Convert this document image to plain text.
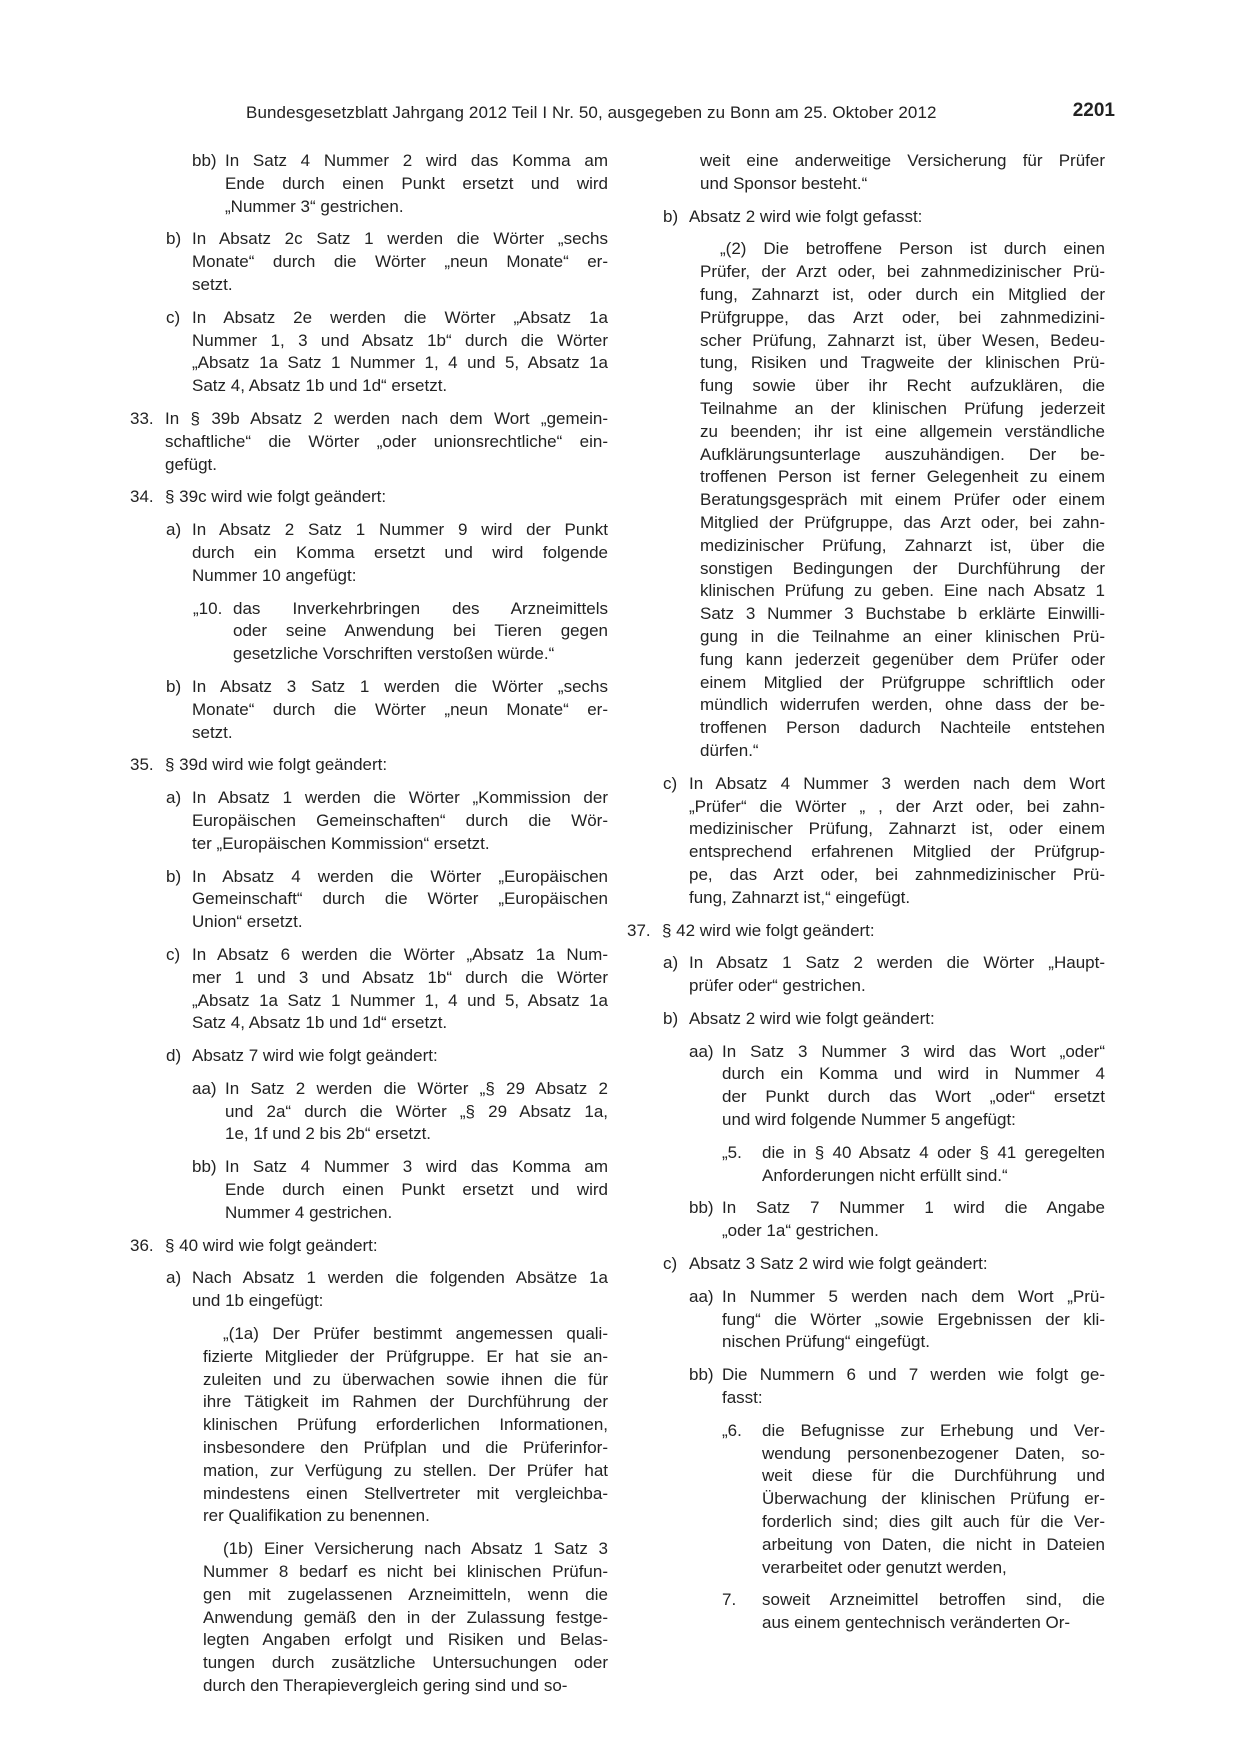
Bundesgesetzblatt Jahrgang 2012 Teil I Nr. 50, ausgegeben zu Bonn am 25. Oktober 2012	2201
bb) In Satz 4 Nummer 2 wird das Komma am
Ende durch einen Punkt ersetzt und wird
„Nummer 3“ gestrichen.
b) In Absatz 2c Satz 1 werden die Wörter „sechs
Monate“ durch die Wörter „neun Monate“ er-
setzt.
c) In Absatz 2e werden die Wörter „Absatz 1a
Nummer 1, 3 und Absatz 1b“ durch die Wörter
„Absatz 1a Satz 1 Nummer 1, 4 und 5, Absatz 1a
Satz 4, Absatz 1b und 1d“ ersetzt.
33. In § 39b Absatz 2 werden nach dem Wort „gemein-
schaftliche“ die Wörter „oder unionsrechtliche“ ein-
gefügt.
34. § 39c wird wie folgt geändert:
a) In Absatz 2 Satz 1 Nummer 9 wird der Punkt
durch ein Komma ersetzt und wird folgende
Nummer 10 angefügt:
„10. das Inverkehrbringen des Arzneimittels
oder seine Anwendung bei Tieren gegen
gesetzliche Vorschriften verstoßen würde.“
b) In Absatz 3 Satz 1 werden die Wörter „sechs
Monate“ durch die Wörter „neun Monate“ er-
setzt.
35. § 39d wird wie folgt geändert:
a) In Absatz 1 werden die Wörter „Kommission der
Europäischen Gemeinschaften“ durch die Wör-
ter „Europäischen Kommission“ ersetzt.
b) In Absatz 4 werden die Wörter „Europäischen
Gemeinschaft“ durch die Wörter „Europäischen
Union“ ersetzt.
c) In Absatz 6 werden die Wörter „Absatz 1a Num-
mer 1 und 3 und Absatz 1b“ durch die Wörter
„Absatz 1a Satz 1 Nummer 1, 4 und 5, Absatz 1a
Satz 4, Absatz 1b und 1d“ ersetzt.
d) Absatz 7 wird wie folgt geändert:
aa) In Satz 2 werden die Wörter „§ 29 Absatz 2
und 2a“ durch die Wörter „§ 29 Absatz 1a,
1e, 1f und 2 bis 2b“ ersetzt.
bb) In Satz 4 Nummer 3 wird das Komma am
Ende durch einen Punkt ersetzt und wird
Nummer 4 gestrichen.
36. § 40 wird wie folgt geändert:
a) Nach Absatz 1 werden die folgenden Absätze 1a
und 1b eingefügt:
„(1a) Der Prüfer bestimmt angemessen quali-
fizierte Mitglieder der Prüfgruppe. Er hat sie an-
zuleiten und zu überwachen sowie ihnen die für
ihre Tätigkeit im Rahmen der Durchführung der
klinischen Prüfung erforderlichen Informationen,
insbesondere den Prüfplan und die Prüferinfor-
mation, zur Verfügung zu stellen. Der Prüfer hat
mindestens einen Stellvertreter mit vergleichba-
rer Qualifikation zu benennen.
(1b) Einer Versicherung nach Absatz 1 Satz 3
Nummer 8 bedarf es nicht bei klinischen Prüfun-
gen mit zugelassenen Arzneimitteln, wenn die
Anwendung gemäß den in der Zulassung festge-
legten Angaben erfolgt und Risiken und Belas-
tungen durch zusätzliche Untersuchungen oder
durch den Therapievergleich gering sind und so-
weit eine anderweitige Versicherung für Prüfer
und Sponsor besteht.“
b) Absatz 2 wird wie folgt gefasst:
„(2) Die betroffene Person ist durch einen
Prüfer, der Arzt oder, bei zahnmedizinischer Prü-
fung, Zahnarzt ist, oder durch ein Mitglied der
Prüfgruppe, das Arzt oder, bei zahnmedizini-
scher Prüfung, Zahnarzt ist, über Wesen, Bedeu-
tung, Risiken und Tragweite der klinischen Prü-
fung sowie über ihr Recht aufzuklären, die
Teilnahme an der klinischen Prüfung jederzeit
zu beenden; ihr ist eine allgemein verständliche
Aufklärungsunterlage auszuhändigen. Der be-
troffenen Person ist ferner Gelegenheit zu einem
Beratungsgespräch mit einem Prüfer oder einem
Mitglied der Prüfgruppe, das Arzt oder, bei zahn-
medizinischer Prüfung, Zahnarzt ist, über die
sonstigen Bedingungen der Durchführung der
klinischen Prüfung zu geben. Eine nach Absatz 1
Satz 3 Nummer 3 Buchstabe b erklärte Einwilli-
gung in die Teilnahme an einer klinischen Prü-
fung kann jederzeit gegenüber dem Prüfer oder
einem Mitglied der Prüfgruppe schriftlich oder
mündlich widerrufen werden, ohne dass der be-
troffenen Person dadurch Nachteile entstehen
dürfen.“
c) In Absatz 4 Nummer 3 werden nach dem Wort
„Prüfer“ die Wörter „ , der Arzt oder, bei zahn-
medizinischer Prüfung, Zahnarzt ist, oder einem
entsprechend erfahrenen Mitglied der Prüfgrup-
pe, das Arzt oder, bei zahnmedizinischer Prü-
fung, Zahnarzt ist,“ eingefügt.
37. § 42 wird wie folgt geändert:
a) In Absatz 1 Satz 2 werden die Wörter „Haupt-
prüfer oder“ gestrichen.
b) Absatz 2 wird wie folgt geändert:
aa) In Satz 3 Nummer 3 wird das Wort „oder“
durch ein Komma und wird in Nummer 4
der Punkt durch das Wort „oder“ ersetzt
und wird folgende Nummer 5 angefügt:
„5. die in § 40 Absatz 4 oder § 41 geregelten
Anforderungen nicht erfüllt sind.“
bb) In Satz 7 Nummer 1 wird die Angabe
„oder 1a“ gestrichen.
c) Absatz 3 Satz 2 wird wie folgt geändert:
aa) In Nummer 5 werden nach dem Wort „Prü-
fung“ die Wörter „sowie Ergebnissen der kli-
nischen Prüfung“ eingefügt.
bb) Die Nummern 6 und 7 werden wie folgt ge-
fasst:
„6. die Befugnisse zur Erhebung und Ver-
wendung personenbezogener Daten, so-
weit diese für die Durchführung und
Überwachung der klinischen Prüfung er-
forderlich sind; dies gilt auch für die Ver-
arbeitung von Daten, die nicht in Dateien
verarbeitet oder genutzt werden,
7. soweit Arzneimittel betroffen sind, die
aus einem gentechnisch veränderten Or-
